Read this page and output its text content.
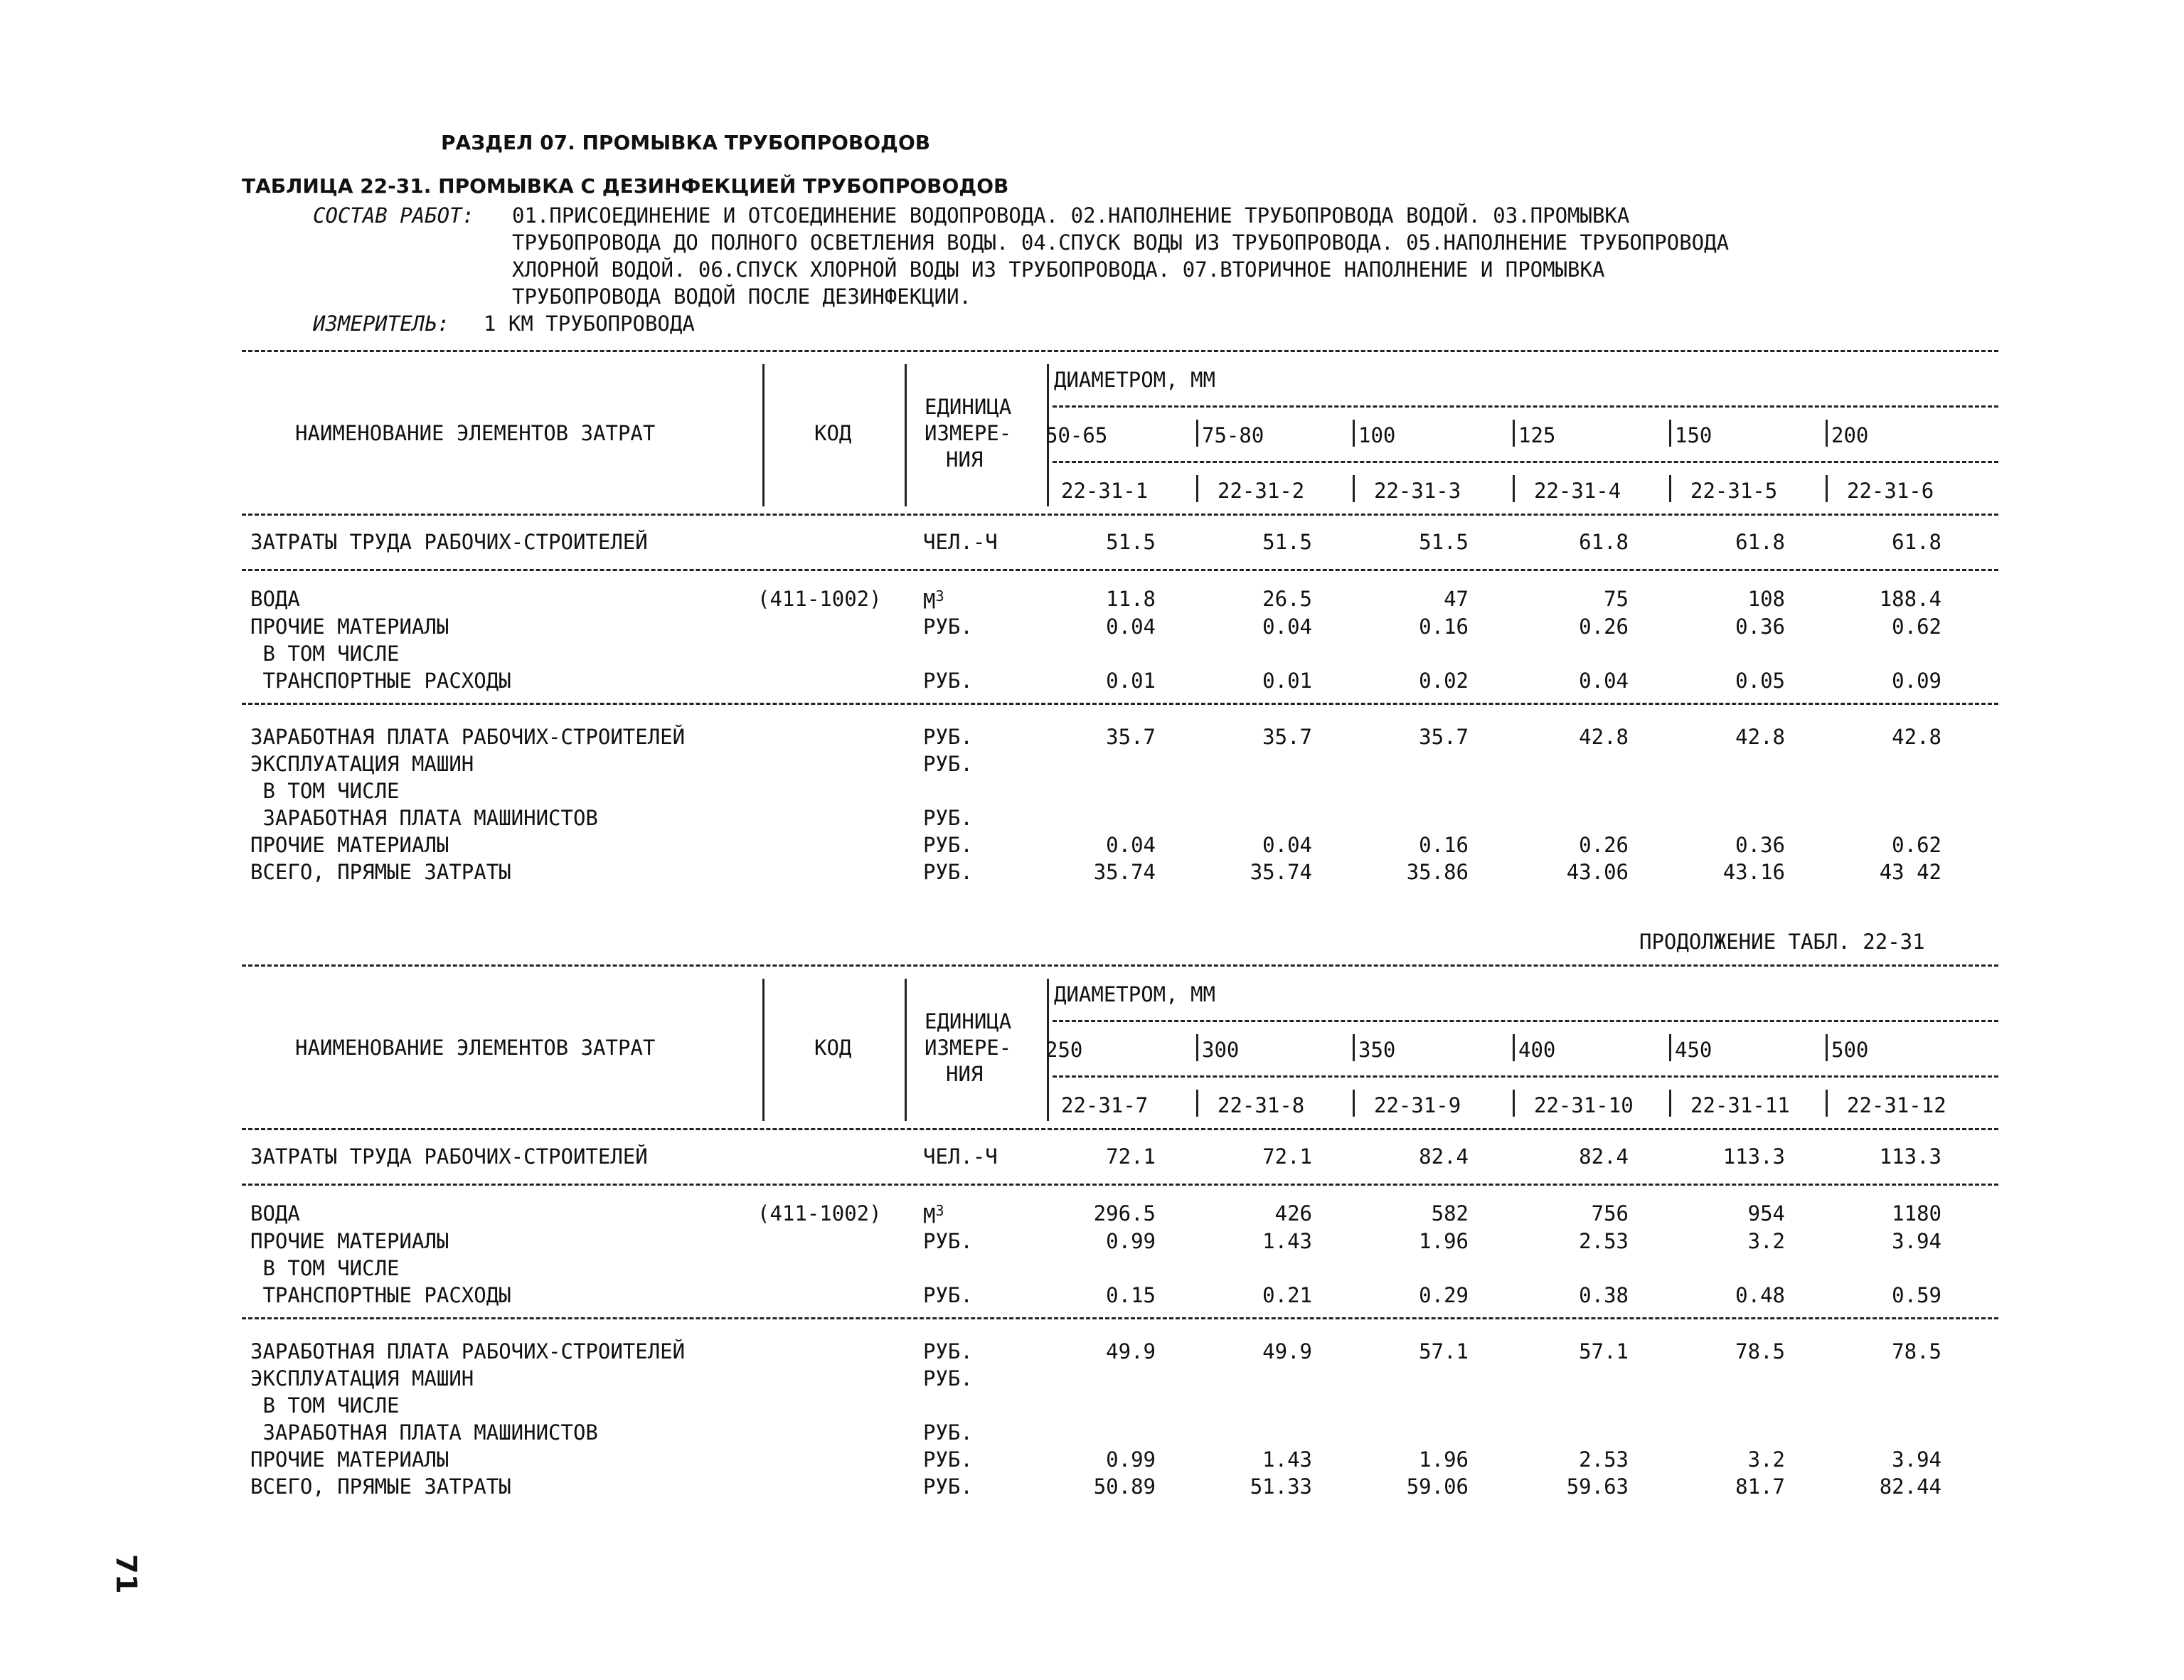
РАЗДЕЛ 07. ПРОМЫВКА ТРУБОПРОВОДОВ
ТАБЛИЦА 22-31. ПРОМЫВКА С ДЕЗИНФЕКЦИЕЙ ТРУБОПРОВОДОВ
СОСТАВ РАБОТ: 01.ПРИСОЕДИНЕНИЕ И ОТСОЕДИНЕНИЕ ВОДОПРОВОДА. 02.НАПОЛНЕНИЕ ТРУБОПРОВОДА ВОДОЙ. 03.ПРОМЫВКА
ТРУБОПРОВОДА ДО ПОЛНОГО ОСВЕТЛЕНИЯ ВОДЫ. 04.СПУСК ВОДЫ ИЗ ТРУБОПРОВОДА. 05.НАПОЛНЕНИЕ ТРУБОПРОВОДА
ХЛОРНОЙ ВОДОЙ. 06.СПУСК ХЛОРНОЙ ВОДЫ ИЗ ТРУБОПРОВОДА. 07.ВТОРИЧНОЕ НАПОЛНЕНИЕ И ПРОМЫВКА
ТРУБОПРОВОДА ВОДОЙ ПОСЛЕ ДЕЗИНФЕКЦИИ.
ИЗМЕРИТЕЛЬ: 1 КМ ТРУБОПРОВОДА
НАИМЕНОВАНИЕ ЭЛЕМЕНТОВ ЗАТРАТ	КОД
ЕДИНИЦА
ИЗМЕРЕ-
НИЯ
ДИАМЕТРОМ, ММ
50-65	75-80	100	125	150	200
22-31-1	22-31-2	22-31-3	22-31-4	22-31-5	22-31-6
ЗАТРАТЫ ТРУДА РАБОЧИХ-СТРОИТЕЛЕЙ	ЧЕЛ.-Ч	51.5	51.5	51.5	61.8	61.8	61.8
ВОДА	(411-1002) $М^3$	11.8	26.5	47	75	108	188.4
ПРОЧИЕ МАТЕРИАЛЫ	РУБ.	0.04	0.04	0.16	0.26	0.36	0.62
В ТОМ ЧИСЛЕ
ТРАНСПОРТНЫЕ РАСХОДЫ	РУБ.	0.01	0.01	0.02	0.04	0.05	0.09
ЗАРАБОТНАЯ ПЛАТА РАБОЧИХ-СТРОИТЕЛЕЙ	РУБ.	35.7	35.7	35.7	42.8	42.8	42.8
ЭКСПЛУАТАЦИЯ МАШИН	РУБ.
В ТОМ ЧИСЛЕ
ЗАРАБОТНАЯ ПЛАТА МАШИНИСТОВ	РУБ.
ПРОЧИЕ МАТЕРИАЛЫ	РУБ.	0.04	0.04	0.16	0.26	0.36	0.62
ВСЕГО, ПРЯМЫЕ ЗАТРАТЫ	РУБ.	35.74	35.74	35.86	43.06	43.16	43 42
НАИМЕНОВАНИЕ ЭЛЕМЕНТОВ ЗАТРАТ	КОД
ЕДИНИЦА
ИЗМЕРЕ-
НИЯ
ДИАМЕТРОМ, ММ
250	300	350	400	450	500
22-31-7	22-31-8	22-31-9	22-31-10	22-31-11	22-31-12
ЗАТРАТЫ ТРУДА РАБОЧИХ-СТРОИТЕЛЕЙ	ЧЕЛ.-Ч	72.1	72.1	82.4	82.4	113.3	113.3
ВОДА	(411-1002) $М^3$	296.5	426	582	756	954	1180
ПРОЧИЕ МАТЕРИАЛЫ	РУБ.	0.99	1.43	1.96	2.53	3.2	3.94
В ТОМ ЧИСЛЕ
ТРАНСПОРТНЫЕ РАСХОДЫ	РУБ.	0.15	0.21	0.29	0.38	0.48	0.59
ЗАРАБОТНАЯ ПЛАТА РАБОЧИХ-СТРОИТЕЛЕЙ	РУБ.	49.9	49.9	57.1	57.1	78.5	78.5
ЭКСПЛУАТАЦИЯ МАШИН	РУБ.
В ТОМ ЧИСЛЕ
ЗАРАБОТНАЯ ПЛАТА МАШИНИСТОВ	РУБ.
ПРОЧИЕ МАТЕРИАЛЫ	РУБ.	0.99	1.43	1.96	2.53	3.2	3.94
ВСЕГО, ПРЯМЫЕ ЗАТРАТЫ	РУБ.	50.89	51.33	59.06	59.63	81.7	82.44
ПРОДОЛЖЕНИЕ ТАБЛ. 22-31
71
